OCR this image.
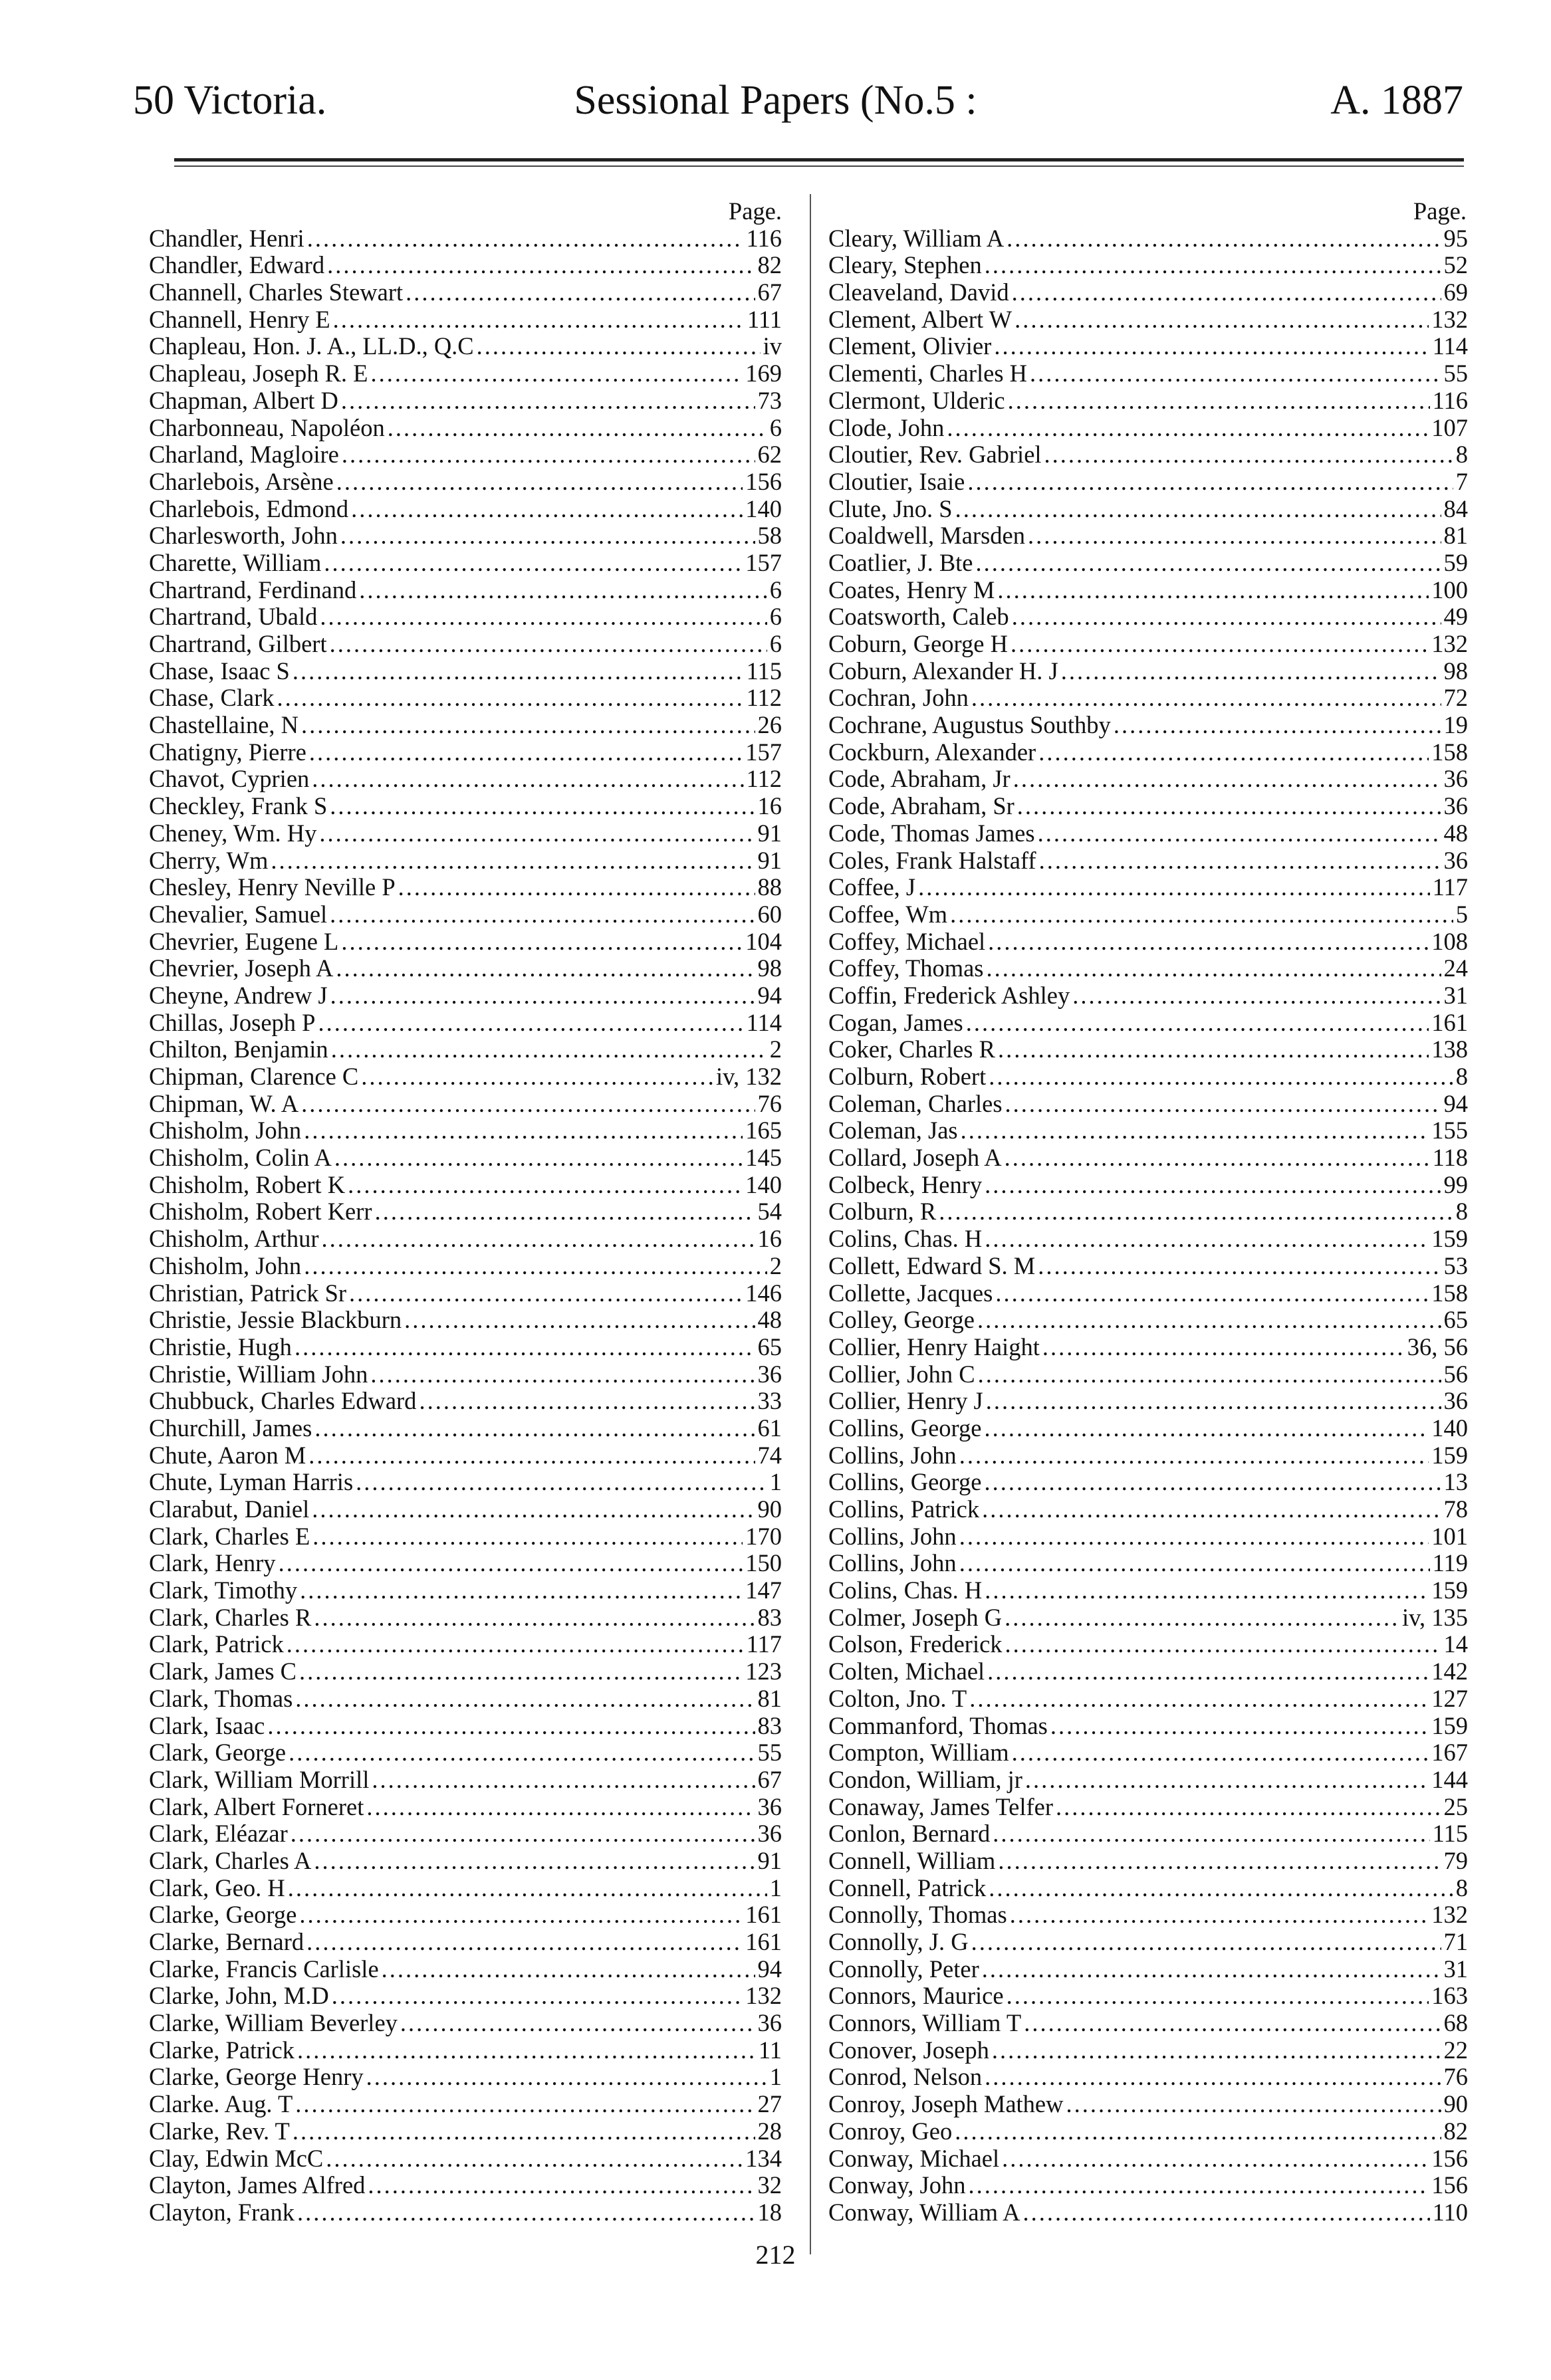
50 Victoria.	Sessional Papers (No.5 :	A. 1887
Page.
Chandler, Henri .....	116
Chandler, Edward .....	82
Channell, Charles Stewart .....	67
Channell, Henry E .....	111
Chapleau, Hon. J. A., LL.D., Q.C .....	iv
Chapleau, Joseph R. E .....	169
Chapman, Albert D .....	73
Charbonneau, Napoléon .....	6
Charland, Magloire .....	62
Charlebois, Arsène .....	156
Charlebois, Edmond .....	140
Charlesworth, John .....	58
Charette, William .....	157
Chartrand, Ferdinand .....	6
Chartrand, Ubald .....	6
Chartrand, Gilbert .....	6
Chase, Isaac S .....	115
Chase, Clark .....	112
Chastellaine, N .....	26
Chatigny, Pierre .....	157
Chavot, Cyprien .....	112
Checkley, Frank S .....	16
Cheney, Wm. Hy .....	91
Cherry, Wm .....	91
Chesley, Henry Neville P .....	88
Chevalier, Samuel .....	60
Chevrier, Eugene L .....	104
Chevrier, Joseph A .....	98
Cheyne, Andrew J .....	94
Chillas, Joseph P .....	114
Chilton, Benjamin .....	2
Chipman, Clarence C .....	iv, 132
Chipman, W. A .....	76
Chisholm, John .....	165
Chisholm, Colin A .....	145
Chisholm, Robert K .....	140
Chisholm, Robert Kerr .....	54
Chisholm, Arthur .....	16
Chisholm, John .....	2
Christian, Patrick Sr .....	146
Christie, Jessie Blackburn .....	48
Christie, Hugh .....	65
Christie, William John .....	36
Chubbuck, Charles Edward .....	33
Churchill, James .....	61
Chute, Aaron M .....	74
Chute, Lyman Harris .....	1
Clarabut, Daniel .....	90
Clark, Charles E .....	170
Clark, Henry .....	150
Clark, Timothy .....	147
Clark, Charles R .....	83
Clark, Patrick .....	117
Clark, James C .....	123
Clark, Thomas .....	81
Clark, Isaac .....	83
Clark, George .....	55
Clark, William Morrill .....	67
Clark, Albert Forneret .....	36
Clark, Eléazar .....	36
Clark, Charles A .....	91
Clark, Geo. H .....	1
Clarke, George .....	161
Clarke, Bernard .....	161
Clarke, Francis Carlisle .....	94
Clarke, John, M.D .....	132
Clarke, William Beverley .....	36
Clarke, Patrick .....	11
Clarke, George Henry .....	1
Clarke. Aug. T .....	27
Clarke, Rev. T .....	28
Clay, Edwin McC .....	134
Clayton, James Alfred .....	32
Clayton, Frank .....	18
Page.
Cleary, William A .....	95
Cleary, Stephen .....	52
Cleaveland, David .....	69
Clement, Albert W .....	132
Clement, Olivier .....	114
Clementi, Charles H .....	55
Clermont, Ulderic .....	116
Clode, John .....	107
Cloutier, Rev. Gabriel .....	8
Cloutier, Isaie .....	7
Clute, Jno. S .....	84
Coaldwell, Marsden .....	81
Coatlier, J. Bte .....	59
Coates, Henry M .....	100
Coatsworth, Caleb .....	49
Coburn, George H .....	132
Coburn, Alexander H. J .....	98
Cochran, John .....	72
Cochrane, Augustus Southby .....	19
Cockburn, Alexander .....	158
Code, Abraham, Jr .....	36
Code, Abraham, Sr .....	36
Code, Thomas James .....	48
Coles, Frank Halstaff .....	36
Coffee, J .....	117
Coffee, Wm .....	5
Coffey, Michael .....	108
Coffey, Thomas .....	24
Coffin, Frederick Ashley .....	31
Cogan, James .....	161
Coker, Charles R .....	138
Colburn, Robert .....	8
Coleman, Charles .....	94
Coleman, Jas .....	155
Collard, Joseph A .....	118
Colbeck, Henry .....	99
Colburn, R .....	8
Colins, Chas. H .....	159
Collett, Edward S. M .....	53
Collette, Jacques .....	158
Colley, George .....	65
Collier, Henry Haight .....	36, 56
Collier, John C .....	56
Collier, Henry J .....	36
Collins, George .....	140
Collins, John .....	159
Collins, George .....	13
Collins, Patrick .....	78
Collins, John .....	101
Collins, John .....	119
Colins, Chas. H .....	159
Colmer, Joseph G .....	iv, 135
Colson, Frederick .....	14
Colten, Michael .....	142
Colton, Jno. T .....	127
Commanford, Thomas .....	159
Compton, William .....	167
Condon, William, jr .....	144
Conaway, James Telfer .....	25
Conlon, Bernard .....	115
Connell, William .....	79
Connell, Patrick .....	8
Connolly, Thomas .....	132
Connolly, J. G .....	71
Connolly, Peter .....	31
Connors, Maurice .....	163
Connors, William T .....	68
Conover, Joseph .....	22
Conrod, Nelson .....	76
Conroy, Joseph Mathew .....	90
Conroy, Geo .....	82
Conway, Michael .....	156
Conway, John .....	156
Conway, William A .....	110
212
